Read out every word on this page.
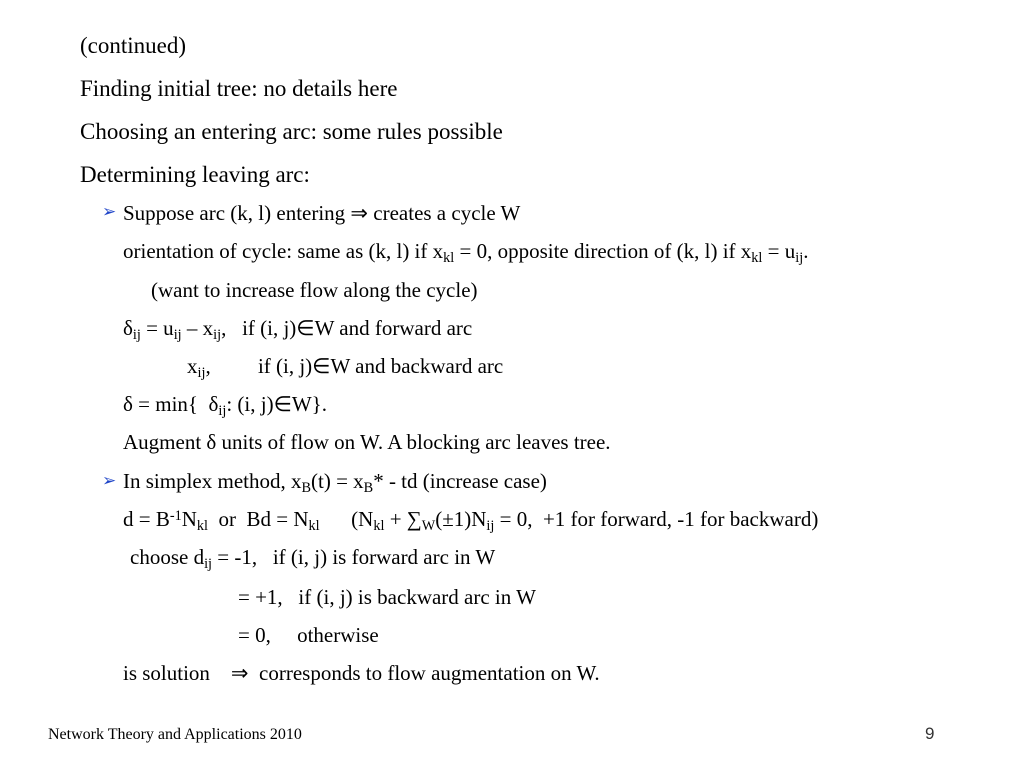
(continued)
Finding initial tree: no details here
Choosing an entering arc: some rules possible
Determining leaving arc:
➢ Suppose arc (k, l) entering ⇒ creates a cycle W
orientation of cycle: same as (k, l) if $x_{kl} = 0$, opposite direction of (k, l) if $x_{kl} = u_{ij}$.
(want to increase flow along the cycle)
$\delta_{ij} = u_{ij} - x_{ij}$,   if (i, j)∈W and forward arc
$x_{ij}$,         if (i, j)∈W and backward arc
δ = min{  $\delta_{ij}$: (i, j)∈W}.
Augment δ units of flow on W. A blocking arc leaves tree.
➢ In simplex method, $x_B(t) = x_B*$ - td (increase case)
$d = B^{-1}N_{kl}$  or  $Bd = N_{kl}$      ($N_{kl} + \sum_W(\pm 1)N_{ij} = 0$,  +1 for forward, -1 for backward)
choose $d_{ij} = -1$,   if (i, j) is forward arc in W
= +1,   if (i, j) is backward arc in W
= 0,     otherwise
is solution    ⇒  corresponds to flow augmentation on W.
Network Theory and Applications 2010	9
